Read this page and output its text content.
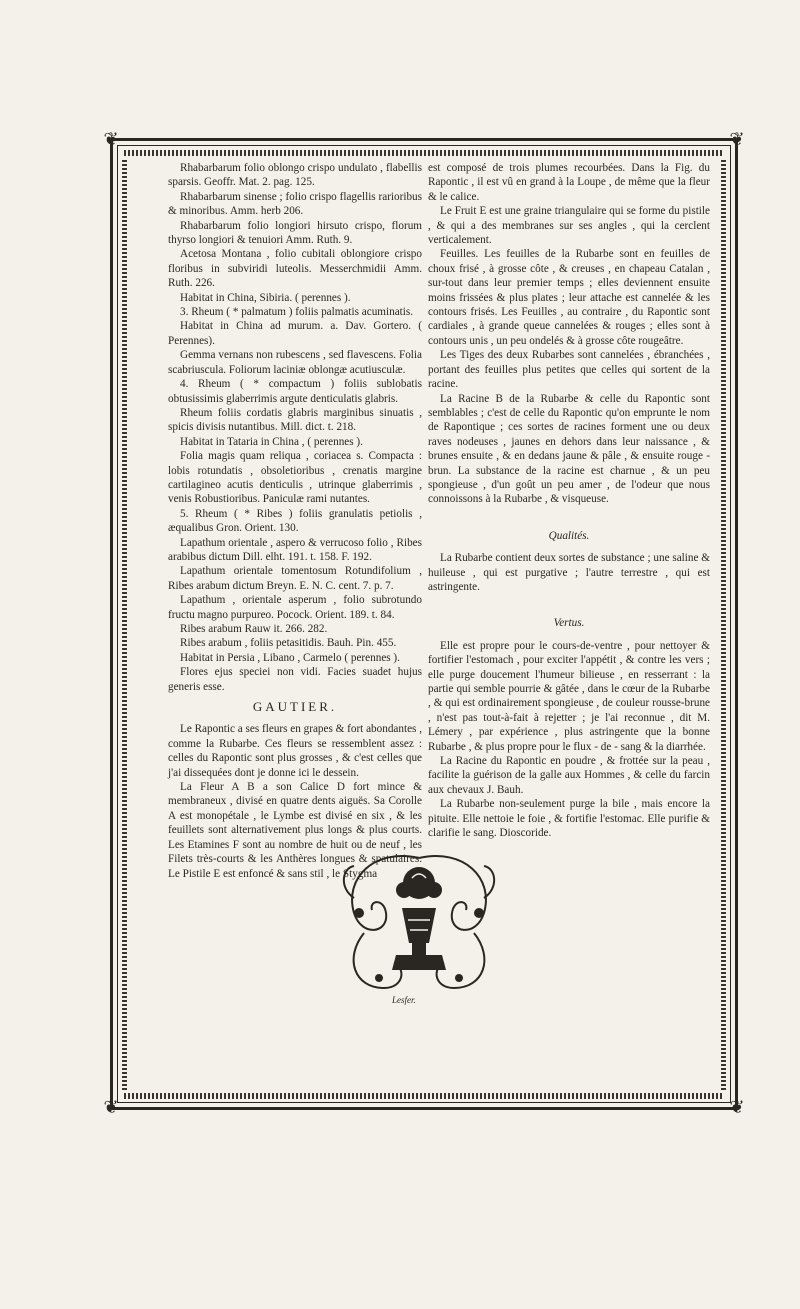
❦	❦
❦	❦

Rhabarbarum folio oblongo crispo undulato , flabellis sparsis. Geoffr. Mat. 2. pag. 125.

Rhabarbarum sinense ; folio crispo flagellis rarioribus & minoribus. Amm. herb 206.

Rhabarbarum folio longiori hirsuto crispo, florum thyrso longiori & tenuiori Amm. Ruth. 9.

Acetosa Montana , folio cubitali oblongiore crispo floribus in subviridi luteolis. Messerchmidii Amm. Ruth. 226.

Habitat in China, Sibiria. ( perennes ).

3. Rheum ( * palmatum ) foliis palmatis acuminatis.

Habitat in China ad murum. a. Dav. Gortero. ( Perennes).

Gemma vernans non rubescens , sed flavescens. Folia scabriuscula. Foliorum laciniæ oblongæ acutiusculæ.

4. Rheum ( * compactum ) foliis sublobatis obtusissimis glaberrimis argute denticulatis glabris.

Rheum foliis cordatis glabris marginibus sinuatis , spicis divisis nutantibus. Mill. dict. t. 218.

Habitat in Tataria in China , ( perennes ).

Folia magis quam reliqua , coriacea s. Compacta : lobis rotundatis , obsoletioribus , crenatis margine cartilagineo acutis denticulis , utrinque glaberrimis , venis Robustioribus. Paniculæ rami nutantes.

5. Rheum ( * Ribes ) foliis granulatis petiolis , æqualibus Gron. Orient. 130.

Lapathum orientale , aspero & verrucoso folio , Ribes arabibus dictum Dill. elht. 191. t. 158. F. 192.

Lapathum orientale tomentosum Rotundifolium , Ribes arabum dictum Breyn. E. N. C. cent. 7. p. 7.

Lapathum , orientale asperum , folio subrotundo fructu magno purpureo. Pocock. Orient. 189. t. 84.

Ribes arabum Rauw it. 266. 282.

Ribes arabum , foliis petasitidis. Bauh. Pin. 455.

Habitat in Persia , Libano , Carmelo ( perennes ).

Flores ejus speciei non vidi. Facies suadet hujus generis esse.

GAUTIER.

Le Rapontic a ses fleurs en grapes & fort abondantes , comme la Rubarbe. Ces fleurs se ressemblent assez : celles du Rapontic sont plus grosses , & c'est celles que j'ai dissequées dont je donne ici le dessein.

La Fleur A B a son Calice D fort mince & membraneux , divisé en quatre dents aiguës. Sa Corolle A est monopétale , le Lymbe est divisé en six , & les feuillets sont alternativement plus longs & plus courts. Les Etamines F sont au nombre de huit ou de neuf , les Filets très-courts & les Anthères longues & spatulaires. Le Pistile E est enfoncé & sans stil , le Stygma

est composé de trois plumes recourbées. Dans la Fig. du Rapontic , il est vû en grand à la Loupe , de même que la fleur & le calice.

Le Fruit E est une graine triangulaire qui se forme du pistile , & qui a des membranes sur ses angles , qui la cerclent verticalement.

Feuilles. Les feuilles de la Rubarbe sont en feuilles de choux frisé , à grosse côte , & creuses , en chapeau Catalan , sur-tout dans leur premier temps ; elles deviennent ensuite moins frissées & plus plates ; leur attache est cannelée & les contours frisés. Les Feuilles , au contraire , du Rapontic sont cardiales , à grande queue cannelées & rouges ; elles sont à contours unis , un peu ondelés & à grosse côte rougeâtre.

Les Tiges des deux Rubarbes sont cannelées , ébranchées , portant des feuilles plus petites que celles qui sortent de la racine.

La Racine B de la Rubarbe & celle du Rapontic sont semblables ; c'est de celle du Rapontic qu'on emprunte le nom de Rapontique ; ces sortes de racines forment une ou deux raves nodeuses , jaunes en dehors dans leur naissance , & brunes ensuite , & en dedans jaune & pâle , & ensuite rouge - brun. La substance de la racine est charnue , & un peu spongieuse , d'un goût un peu amer , de l'odeur que nous connoissons à la Rubarbe , & visqueuse.

Qualités.

La Rubarbe contient deux sortes de substance ; une saline & huileuse , qui est purgative ; l'autre terrestre , qui est astringente.

Vertus.

Elle est propre pour le cours-de-ventre , pour nettoyer & fortifier l'estomach , pour exciter l'appétit , & contre les vers ; elle purge doucement l'humeur bilieuse , en resserrant : la partie qui semble pourrie & gâtée , dans le cœur de la Rubarbe , & qui est ordinairement spongieuse , de couleur rousse-brune , n'est pas tout-à-fait à rejetter ; je l'ai reconnue , dit M. Lémery , par expérience , plus astringente que la bonne Rubarbe , & plus propre pour le flux - de - sang & la diarrhée.

La Racine du Rapontic en poudre , & frottée sur la peau , facilite la guérison de la galle aux Hommes , & celle du farcin aux chevaux J. Bauh.

La Rubarbe non-seulement purge la bile , mais encore la pituite. Elle nettoie le foie , & fortifie l'estomac. Elle purifie & clarifie le sang. Dioscoride.

Lesfer.
